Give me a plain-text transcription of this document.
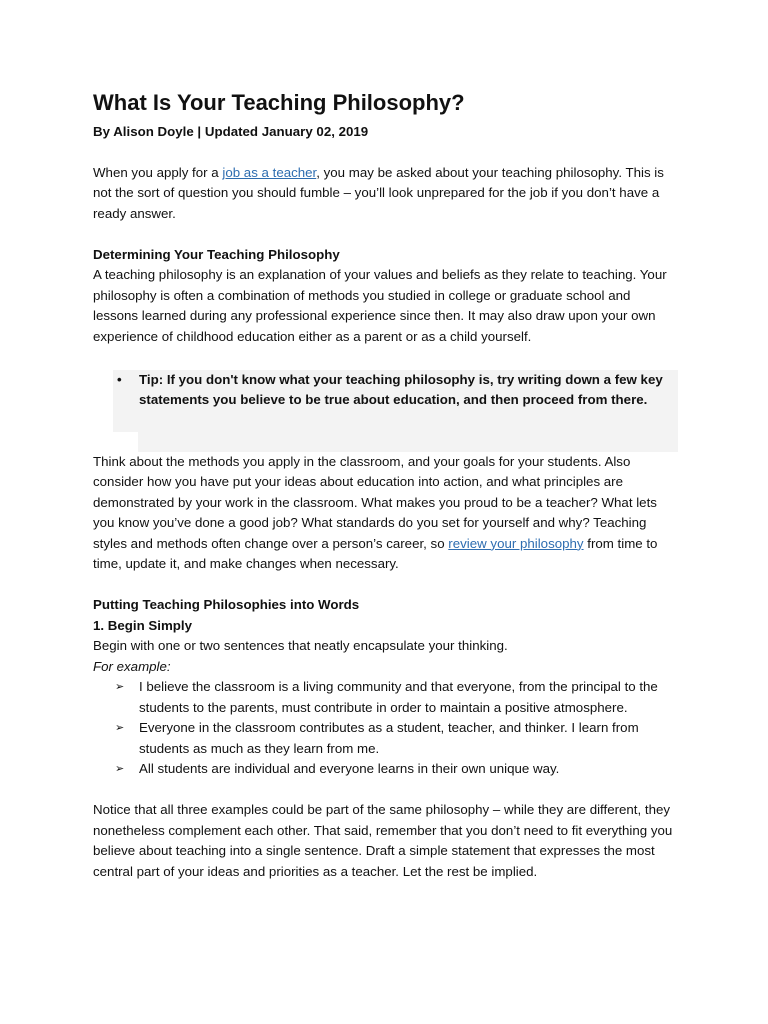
What Is Your Teaching Philosophy?

By Alison Doyle | Updated January 02, 2019

When you apply for a job as a teacher, you may be asked about your teaching philosophy. This is not the sort of question you should fumble – you’ll look unprepared for the job if you don’t have a ready answer.

Determining Your Teaching Philosophy

A teaching philosophy is an explanation of your values and beliefs as they relate to teaching. Your philosophy is often a combination of methods you studied in college or graduate school and lessons learned during any professional experience since then. It may also draw upon your own experience of childhood education either as a parent or as a child yourself.

• Tip: If you don't know what your teaching philosophy is, try writing down a few key statements you believe to be true about education, and then proceed from there.

Think about the methods you apply in the classroom, and your goals for your students. Also consider how you have put your ideas about education into action, and what principles are demonstrated by your work in the classroom. What makes you proud to be a teacher? What lets you know you’ve done a good job? What standards do you set for yourself and why? Teaching styles and methods often change over a person’s career, so review your philosophy from time to time, update it, and make changes when necessary.

Putting Teaching Philosophies into Words

1. Begin Simply

Begin with one or two sentences that neatly encapsulate your thinking.

For example:

➢ I believe the classroom is a living community and that everyone, from the principal to the students to the parents, must contribute in order to maintain a positive atmosphere.
➢ Everyone in the classroom contributes as a student, teacher, and thinker. I learn from students as much as they learn from me.
➢ All students are individual and everyone learns in their own unique way.

Notice that all three examples could be part of the same philosophy – while they are different, they nonetheless complement each other. That said, remember that you don’t need to fit everything you believe about teaching into a single sentence. Draft a simple statement that expresses the most central part of your ideas and priorities as a teacher. Let the rest be implied.
